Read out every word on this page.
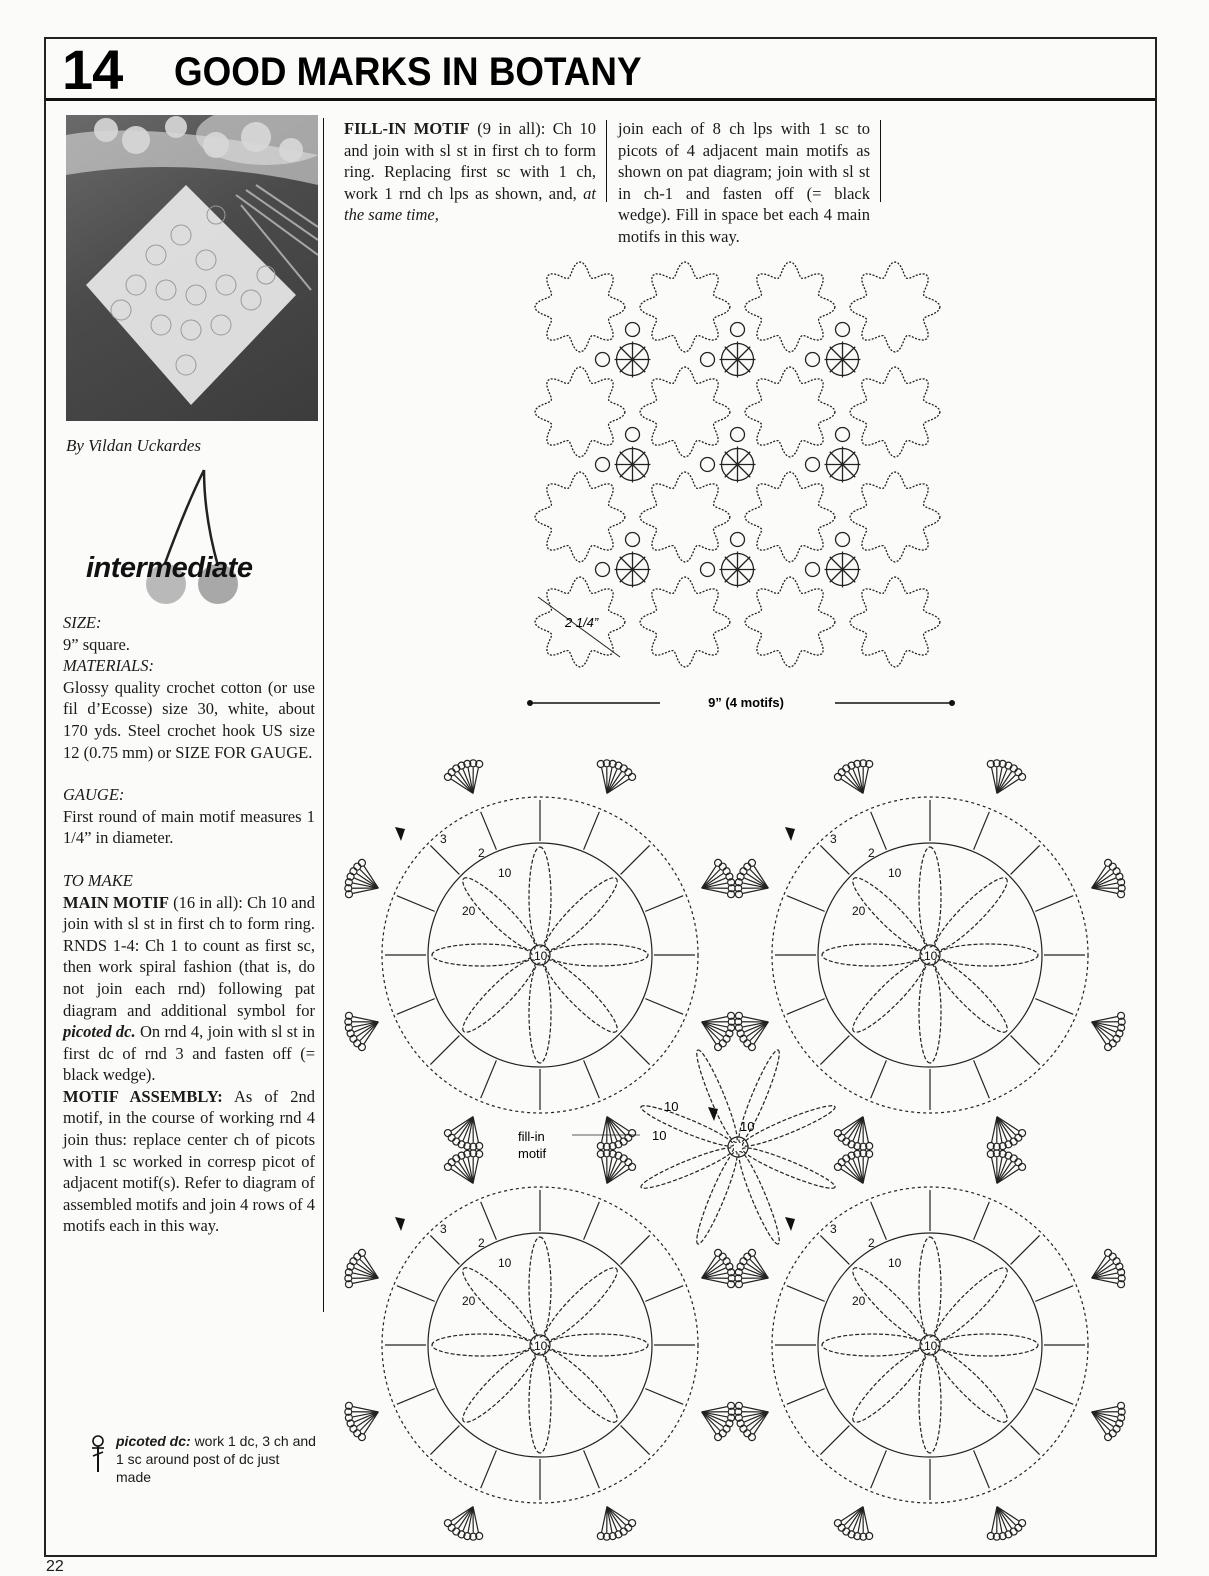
14 GOOD MARKS IN BOTANY
By Vildan Uckardes
intermediate

SIZE:

9” square.

MATERIALS:

Glossy quality crochet cotton (or use fil d’Ecosse) size 30, white, about 170 yds. Steel crochet hook US size 12 (0.75 mm) or SIZE FOR GAUGE.

GAUGE:

First round of main motif measures 1 1/4” in diameter.

TO MAKE

MAIN MOTIF (16 in all): Ch 10 and join with sl st in first ch to form ring. RNDS 1-4: Ch 1 to count as first sc, then work spiral fashion (that is, do not join each rnd) following pat diagram and additional symbol for picoted dc. On rnd 4, join with sl st in first dc of rnd 3 and fasten off (= black wedge).

MOTIF ASSEMBLY: As of 2nd motif, in the course of working rnd 4 join thus: replace center ch of picots with 1 sc worked in corresp picot of adjacent motif(s). Refer to diagram of assembled motifs and join 4 rows of 4 motifs each in this way.

FILL-IN MOTIF (9 in all): Ch 10 and join with sl st in first ch to form ring. Replacing first sc with 1 ch, work 1 rnd ch lps as shown, and, at the same time,
join each of 8 ch lps with 1 sc to picots of 4 adjacent main motifs as shown on pat diagram; join with sl st in ch-1 and fasten off (= black wedge). Fill in space bet each 4 main motifs in this way.
2 1/4”
9” (4 motifs)
10
20
10
2
3
10
20
10
2
3
10
20
10
2
3
10
20
10
2
3
fill-in
motif
10
10
10
picoted dc: work 1 dc, 3 ch and 1 sc around post of dc just made
22
